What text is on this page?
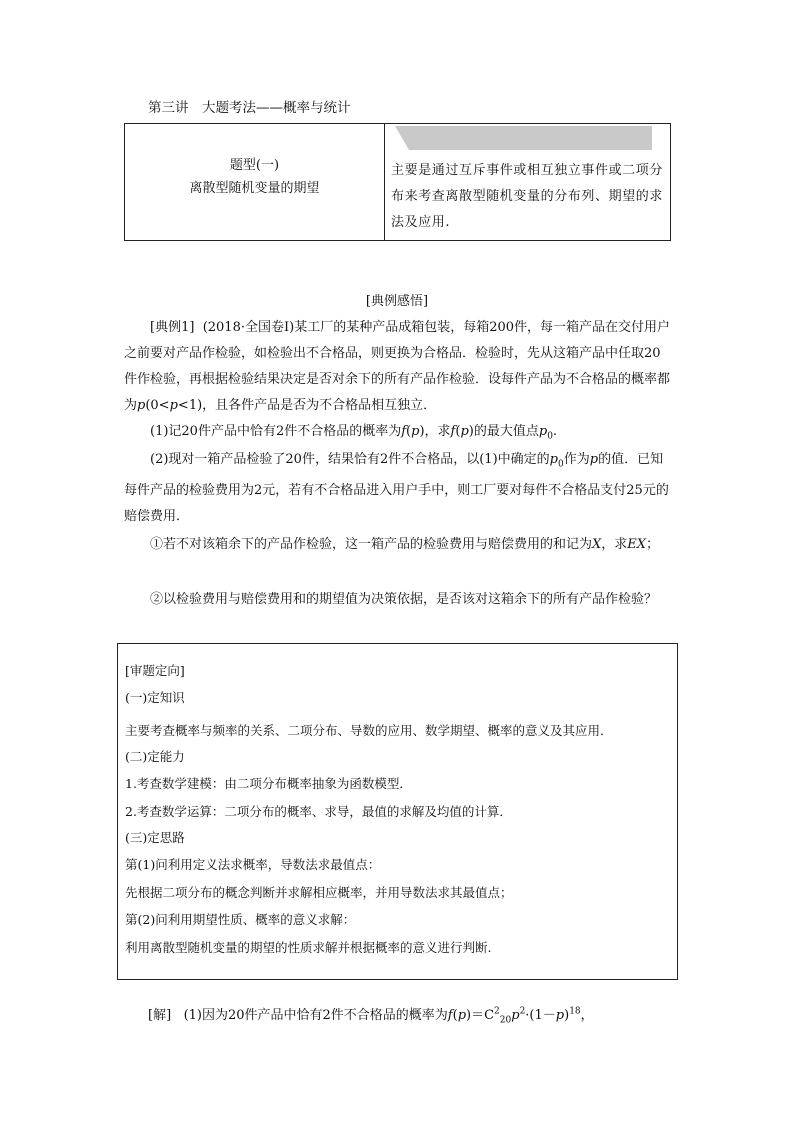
第三讲　大题考法——概率与统计
题型(一)
离散型随机变量的期望
主要是通过互斥事件或相互独立事件或二项分布来考查离散型随机变量的分布列、期望的求法及应用.
[典例感悟]
[典例1] (2018·全国卷Ⅰ)某工厂的某种产品成箱包装，每箱200件，每一箱产品在交付用户之前要对产品作检验，如检验出不合格品，则更换为合格品．检验时，先从这箱产品中任取20件作检验，再根据检验结果决定是否对余下的所有产品作检验．设每件产品为不合格品的概率都为p(0<p<1)，且各件产品是否为不合格品相互独立．
(1)记20件产品中恰有2件不合格品的概率为f(p)，求f(p)的最大值点$p_0$.
(2)现对一箱产品检验了20件，结果恰有2件不合格品，以(1)中确定的$p_0$作为p的值．已知每件产品的检验费用为2元，若有不合格品进入用户手中，则工厂要对每件不合格品支付25元的赔偿费用．
①若不对该箱余下的产品作检验，这一箱产品的检验费用与赔偿费用的和记为X，求EX；
②以检验费用与赔偿费用和的期望值为决策依据，是否该对这箱余下的所有产品作检验？
[审题定向]
(一)定知识
主要考查概率与频率的关系、二项分布、导数的应用、数学期望、概率的意义及其应用．
(二)定能力
1.考查数学建模：由二项分布概率抽象为函数模型．
2.考查数学运算：二项分布的概率、求导，最值的求解及均值的计算．
(三)定思路
第(1)问利用定义法求概率，导数法求最值点：
先根据二项分布的概念判断并求解相应概率，并用导数法求其最值点；
第(2)问利用期望性质、概率的意义求解：
利用离散型随机变量的期望的性质求解并根据概率的意义进行判断.
[解] (1)因为20件产品中恰有2件不合格品的概率为$f(p)=C^2_{20}p^2\cdot(1-p)^{18}$，
